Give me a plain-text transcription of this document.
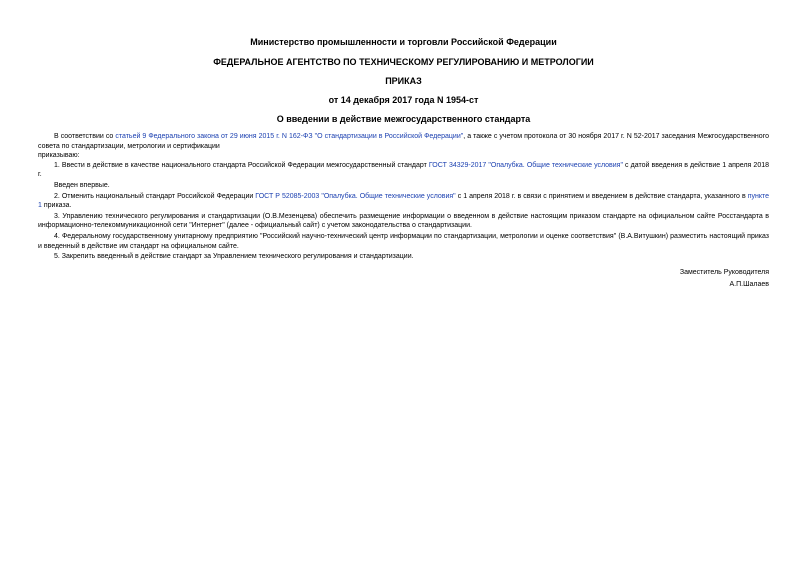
Министерство промышленности и торговли Российской Федерации
ФЕДЕРАЛЬНОЕ АГЕНТСТВО ПО ТЕХНИЧЕСКОМУ РЕГУЛИРОВАНИЮ И МЕТРОЛОГИИ
ПРИКАЗ
от 14 декабря 2017 года N 1954-ст
О введении в действие межгосударственного стандарта

В соответствии со статьей 9 Федерального закона от 29 июня 2015 г. N 162-ФЗ "О стандартизации в Российской Федерации", а также с учетом протокола от 30 ноября 2017 г. N 52-2017 заседания Межгосударственного совета по стандартизации, метрологии и сертификации

приказываю:

1. Ввести в действие в качестве национального стандарта Российской Федерации межгосударственный стандарт ГОСТ 34329-2017 "Опалубка. Общие технические условия" с датой введения в действие 1 апреля 2018 г.

Введен впервые.

2. Отменить национальный стандарт Российской Федерации ГОСТ Р 52085-2003 "Опалубка. Общие технические условия" с 1 апреля 2018 г. в связи с принятием и введением в действие стандарта, указанного в пункте 1 приказа.

3. Управлению технического регулирования и стандартизации (О.В.Мезенцева) обеспечить размещение информации о введенном в действие настоящим приказом стандарте на официальном сайте Росстандарта в информационно-телекоммуникационной сети "Интернет" (далее - официальный сайт) с учетом законодательства о стандартизации.

4. Федеральному государственному унитарному предприятию "Российский научно-технический центр информации по стандартизации, метрологии и оценке соответствия" (В.А.Витушкин) разместить настоящий приказ и введенный в действие им стандарт на официальном сайте.

5. Закрепить введенный в действие стандарт за Управлением технического регулирования и стандартизации.

Заместитель Руководителя
А.П.Шалаев
